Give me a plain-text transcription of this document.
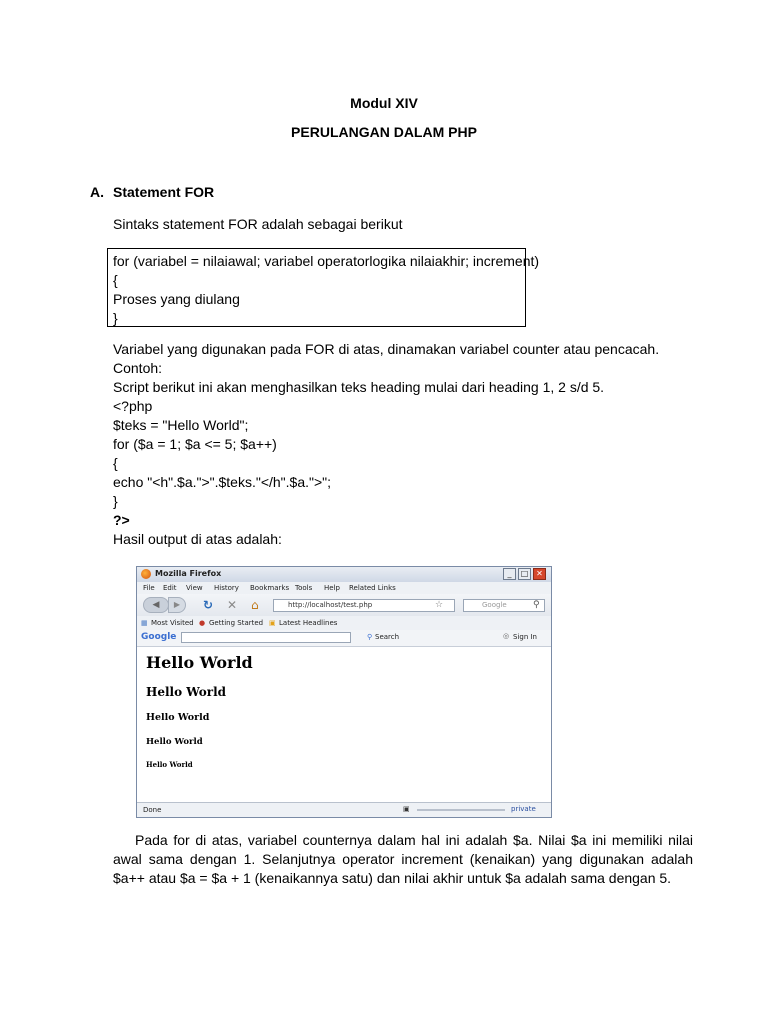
Modul XIV
PERULANGAN DALAM PHP
A. Statement FOR
Sintaks statement FOR adalah sebagai berikut
for (variabel = nilaiawal; variabel operatorlogika nilaiakhir; increment)
{
Proses yang diulang
}
Variabel yang digunakan pada FOR di atas, dinamakan variabel counter atau pencacah.
Contoh:
Script berikut ini akan menghasilkan teks heading mulai dari heading 1, 2 s/d 5.
<?php
$teks = "Hello World";
for ($a = 1; $a <= 5; $a++)
{
echo "<h".$a.">".$teks."</h".$a.">";
}
?>
Hasil output di atas adalah:
Mozilla Firefox	_	□ ✕
File Edit View History Bookmarks Tools Help Related Links
◀	▶	↻ ✕ ⌂	http://localhost/test.php	☆	Google	⚲
▦ Most Visited ● Getting Started ▣ Latest Headlines
Google	⚲ Search	◎ Sign In
Hello World
Hello World
Hello World
Hello World
Hello World
Done	▣	private
Pada for di atas, variabel counternya dalam hal ini adalah $a. Nilai $a ini memiliki nilai awal sama dengan 1. Selanjutnya operator increment (kenaikan) yang digunakan adalah $a++ atau $a = $a + 1 (kenaikannya satu) dan nilai akhir untuk $a adalah sama dengan 5.
